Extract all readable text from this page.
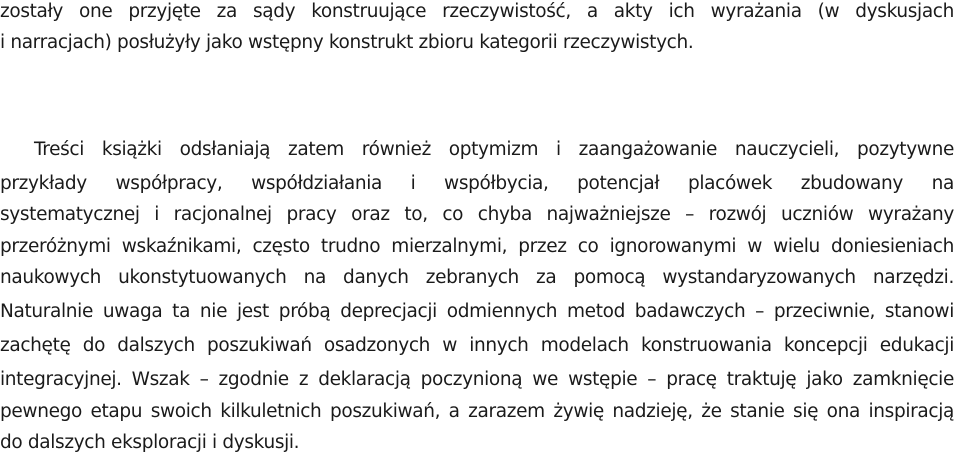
zostały one przyjęte za sądy konstruujące rzeczywistość, a akty ich wyrażania (w dyskusjach
i narracjach) posłużyły jako wstępny konstrukt zbioru kategorii rzeczywistych.
Treści książki odsłaniają zatem również optymizm i zaangażowanie nauczycieli, pozytywne
przykłady współpracy, współdziałania i współbycia, potencjał placówek zbudowany na
systematycznej i racjonalnej pracy oraz to, co chyba najważniejsze – rozwój uczniów wyrażany
przeróżnymi wskaźnikami, często trudno mierzalnymi, przez co ignorowanymi w wielu doniesieniach
naukowych ukonstytuowanych na danych zebranych za pomocą wystandaryzowanych narzędzi.
Naturalnie uwaga ta nie jest próbą deprecjacji odmiennych metod badawczych – przeciwnie, stanowi
zachętę do dalszych poszukiwań osadzonych w innych modelach konstruowania koncepcji edukacji
integracyjnej. Wszak – zgodnie z deklaracją poczynioną we wstępie – pracę traktuję jako zamknięcie
pewnego etapu swoich kilkuletnich poszukiwań, a zarazem żywię nadzieję, że stanie się ona inspiracją
do dalszych eksploracji i dyskusji.
